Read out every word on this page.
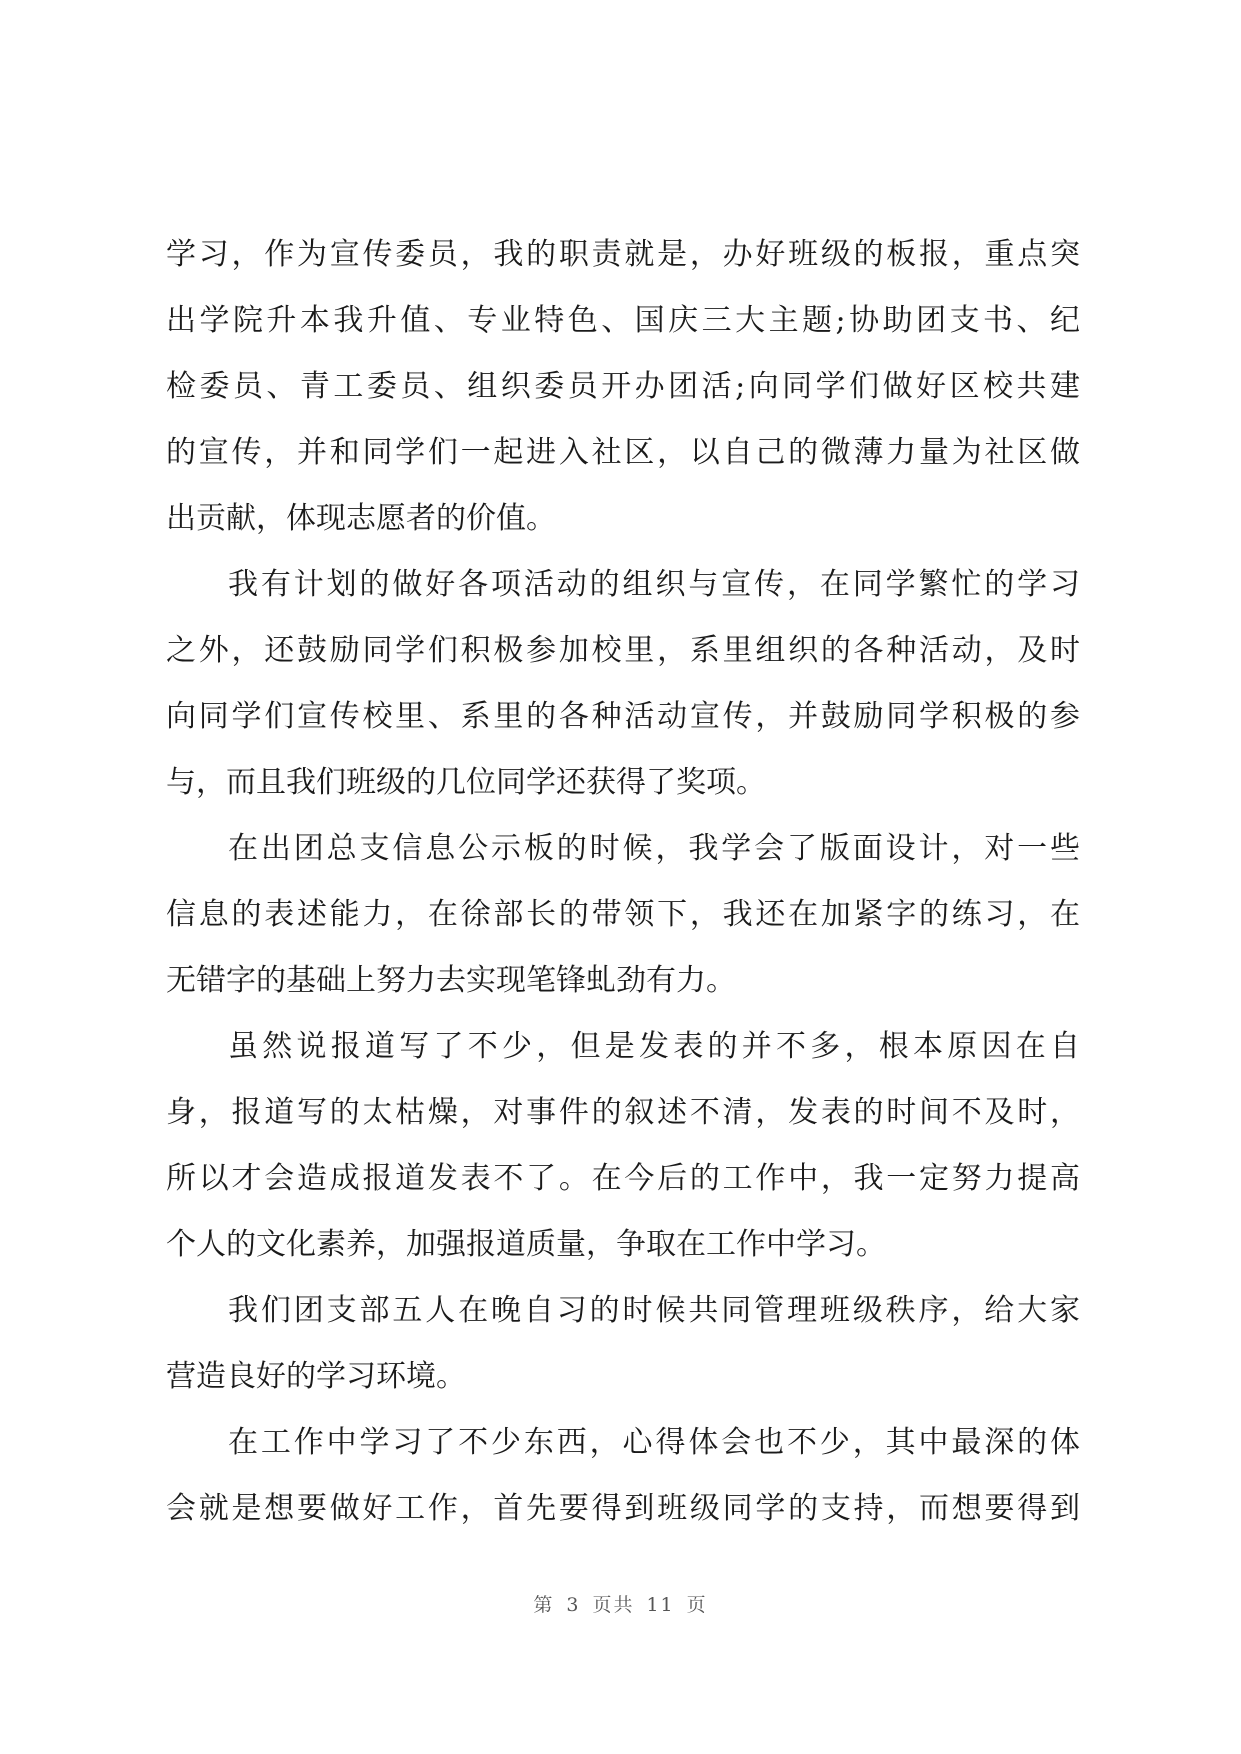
学习，作为宣传委员，我的职责就是，办好班级的板报，重点突
出学院升本我升值、专业特色、国庆三大主题;协助团支书、纪
检委员、青工委员、组织委员开办团活;向同学们做好区校共建
的宣传，并和同学们一起进入社区，以自己的微薄力量为社区做
出贡献，体现志愿者的价值。
我有计划的做好各项活动的组织与宣传，在同学繁忙的学习
之外，还鼓励同学们积极参加校里，系里组织的各种活动，及时
向同学们宣传校里、系里的各种活动宣传，并鼓励同学积极的参
与，而且我们班级的几位同学还获得了奖项。
在出团总支信息公示板的时候，我学会了版面设计，对一些
信息的表述能力，在徐部长的带领下，我还在加紧字的练习，在
无错字的基础上努力去实现笔锋虬劲有力。
虽然说报道写了不少，但是发表的并不多，根本原因在自
身，报道写的太枯燥，对事件的叙述不清，发表的时间不及时，
所以才会造成报道发表不了。在今后的工作中，我一定努力提高
个人的文化素养，加强报道质量，争取在工作中学习。
我们团支部五人在晚自习的时候共同管理班级秩序，给大家
营造良好的学习环境。
在工作中学习了不少东西，心得体会也不少，其中最深的体
会就是想要做好工作，首先要得到班级同学的支持，而想要得到
第 3 页共 11 页
